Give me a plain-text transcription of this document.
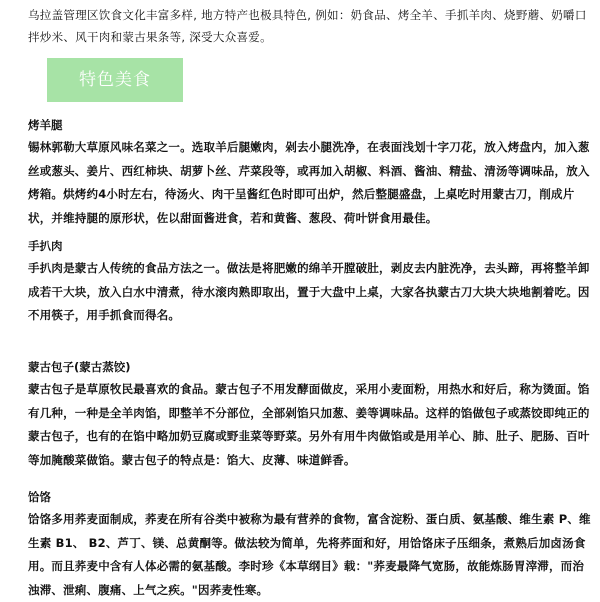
乌拉盖管理区饮食文化丰富多样, 地方特产也极具特色, 例如：奶食品、烤全羊、手抓羊肉、烧野蘑、奶嚼口拌炒米、风干肉和蒙古果条等, 深受大众喜爱。
特色美食
烤羊腿
锡林郭勒大草原风味名菜之一。选取羊后腿嫩肉，剁去小腿洗净，在表面浅划十字刀花，放入烤盘内，加入葱丝或葱头、姜片、西红柿块、胡萝卜丝、芹菜段等，或再加入胡椒、料酒、酱油、精盐、清汤等调味品，放入烤箱。烘烤约4小时左右，待汤火、肉干呈酱红色时即可出炉，然后整腿盛盘，上桌吃时用蒙古刀，削成片状，并维持腿的原形状，佐以甜面酱进食，若和黄酱、葱段、荷叶饼食用最佳。
手扒肉
手扒肉是蒙古人传统的食品方法之一。做法是将肥嫩的绵羊开膛破肚，剥皮去内脏洗净，去头蹄，再将整羊卸成若干大块，放入白水中清煮，待水滚肉熟即取出，置于大盘中上桌，大家各执蒙古刀大块大块地割着吃。因不用筷子，用手抓食而得名。
蒙古包子(蒙古蒸饺)
蒙古包子是草原牧民最喜欢的食品。蒙古包子不用发酵面做皮，采用小麦面粉，用热水和好后，称为烫面。馅有几种，一种是全羊肉馅，即整羊不分部位，全部剁馅只加葱、姜等调味品。这样的馅做包子或蒸饺即纯正的蒙古包子，也有的在馅中略加奶豆腐或野韭菜等野菜。另外有用牛肉做馅或是用羊心、肺、肚子、肥肠、百叶等加腌酸菜做馅。蒙古包子的特点是：馅大、皮薄、味道鲜香。
饸饹
饸饹多用荞麦面制成，荞麦在所有谷类中被称为最有营养的食物，富含淀粉、蛋白质、氨基酸、维生素 P、维生素 B1、 B2、芦丁、镁、总黄酮等。做法较为简单，先将荞面和好，用饸饹床子压细条，煮熟后加卤汤食用。而且荞麦中含有人体必需的氨基酸。李时珍《本草纲目》载："荞麦最降气宽肠，故能炼肠胃滓滞，而治浊滞、泄痢、腹痛、上气之疾。"因荞麦性寒。
